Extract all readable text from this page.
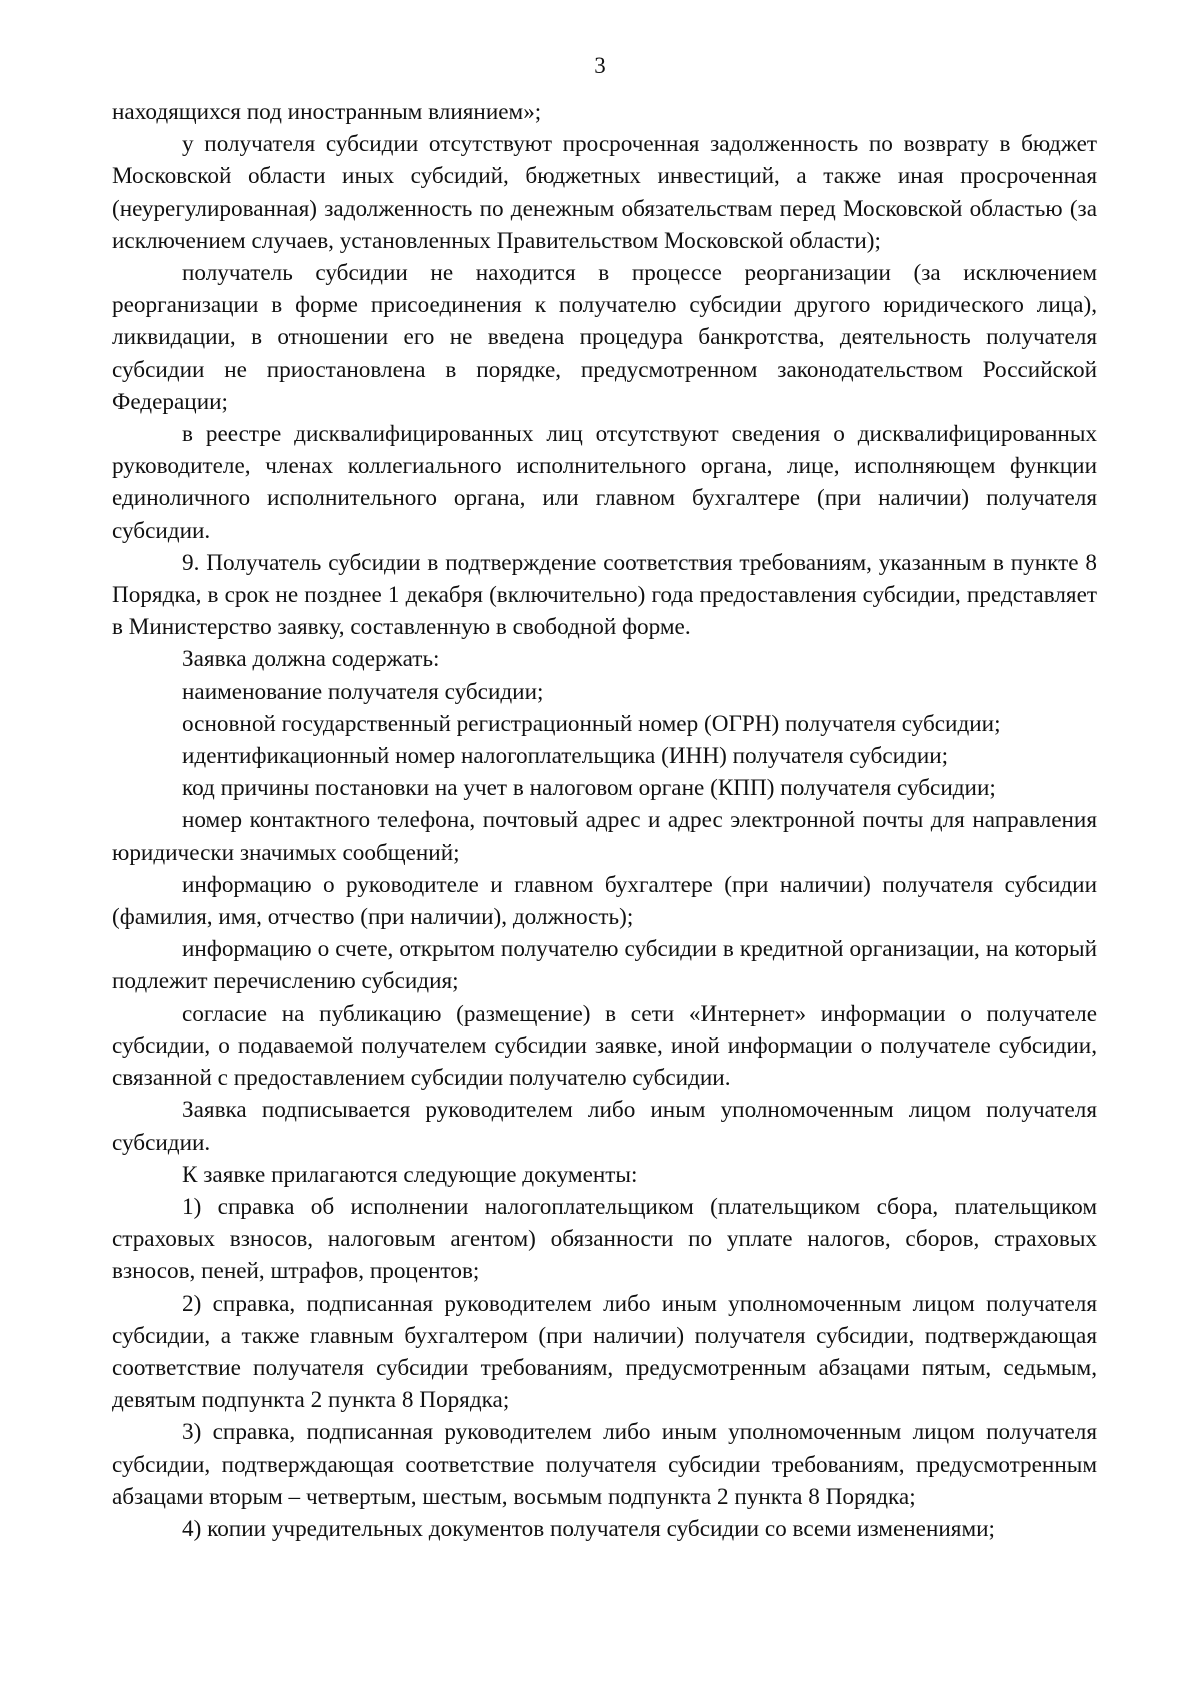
3

находящихся под иностранным влиянием»;

у получателя субсидии отсутствуют просроченная задолженность по возврату в бюджет Московской области иных субсидий, бюджетных инвестиций, а также иная просроченная (неурегулированная) задолженность по денежным обязательствам перед Московской областью (за исключением случаев, установленных Правительством Московской области);

получатель субсидии не находится в процессе реорганизации (за исключением реорганизации в форме присоединения к получателю субсидии другого юридического лица), ликвидации, в отношении его не введена процедура банкротства, деятельность получателя субсидии не приостановлена в порядке, предусмотренном законодательством Российской Федерации;

в реестре дисквалифицированных лиц отсутствуют сведения о дисквалифицированных руководителе, членах коллегиального исполнительного органа, лице, исполняющем функции единоличного исполнительного органа, или главном бухгалтере (при наличии) получателя субсидии.

9. Получатель субсидии в подтверждение соответствия требованиям, указанным в пункте 8 Порядка, в срок не позднее 1 декабря (включительно) года предоставления субсидии, представляет в Министерство заявку, составленную в свободной форме.

Заявка должна содержать:

наименование получателя субсидии;

основной государственный регистрационный номер (ОГРН) получателя субсидии;

идентификационный номер налогоплательщика (ИНН) получателя субсидии;

код причины постановки на учет в налоговом органе (КПП) получателя субсидии;

номер контактного телефона, почтовый адрес и адрес электронной почты для направления юридически значимых сообщений;

информацию о руководителе и главном бухгалтере (при наличии) получателя субсидии (фамилия, имя, отчество (при наличии), должность);

информацию о счете, открытом получателю субсидии в кредитной организации, на который подлежит перечислению субсидия;

согласие на публикацию (размещение) в сети «Интернет» информации о получателе субсидии, о подаваемой получателем субсидии заявке, иной информации о получателе субсидии, связанной с предоставлением субсидии получателю субсидии.

Заявка подписывается руководителем либо иным уполномоченным лицом получателя субсидии.

К заявке прилагаются следующие документы:

1) справка об исполнении налогоплательщиком (плательщиком сбора, плательщиком страховых взносов, налоговым агентом) обязанности по уплате налогов, сборов, страховых взносов, пеней, штрафов, процентов;

2) справка, подписанная руководителем либо иным уполномоченным лицом получателя субсидии, а также главным бухгалтером (при наличии) получателя субсидии, подтверждающая соответствие получателя субсидии требованиям, предусмотренным абзацами пятым, седьмым, девятым подпункта 2 пункта 8 Порядка;

3) справка, подписанная руководителем либо иным уполномоченным лицом получателя субсидии, подтверждающая соответствие получателя субсидии требованиям, предусмотренным абзацами вторым – четвертым, шестым, восьмым подпункта 2 пункта 8 Порядка;

4) копии учредительных документов получателя субсидии со всеми изменениями;
